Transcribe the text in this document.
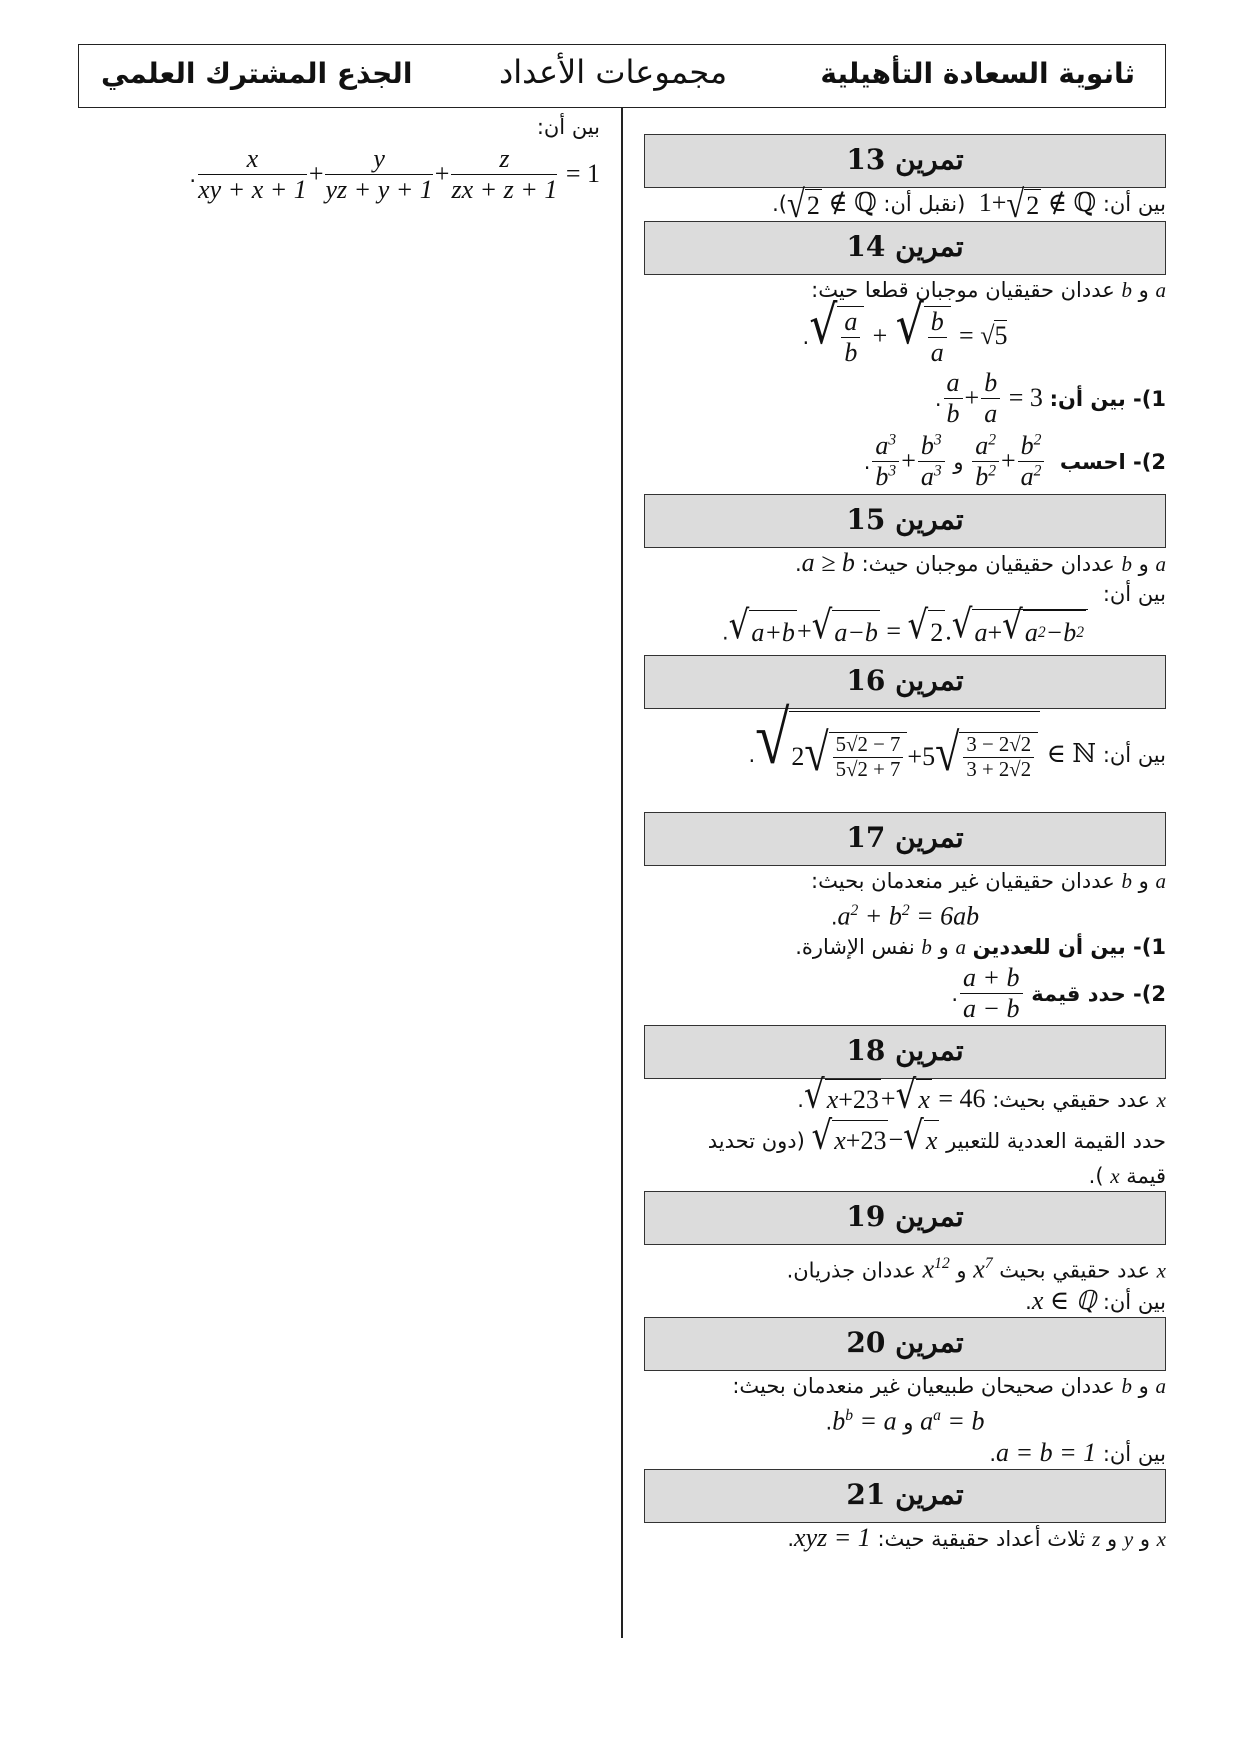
ثانوية السعادة التأهيلية
مجموعات الأعداد
الجذع المشترك العلمي
تمرين 13
بين أن: 1+ √ 2 ∉ ℚ  (نقبل أن:
√ 2 ∉ ℚ).
تمرين 14
a و b عددان حقيقيان موجبان قطعا حيث:
√ $\frac{a}{b}$ + √ $\frac{b}{a} = √5$.
1)- بين أن:
$\frac{a}{b} + \frac{b}{a} = 3$.
2)- احسب
$\frac{a^2}{b^2} + \frac{b^2}{a^2}$
و
$\frac{a^3}{b^3} + \frac{b^3}{a^3}$
.
تمرين 15
a و b عددان حقيقيان موجبان حيث: a ≥ b.
بين أن:
√ a+b + √ a−b = √ 2 . √ a + √ a 2 −b 2
.
تمرين 16
بين أن:
√ 2 √ $\frac{5√2 - 7}{5√2 + 7} +5$ √ $\frac{3 - 2√2}{3 + 2√2}$ ∈ ℕ.
تمرين 17
a و b عددان حقيقيان غير منعدمان بحيث:
$a^2 + b^2 = 6ab$.
1)- بين أن للعددين a و b نفس الإشارة.
2)- حدد قيمة
$\frac{a + b}{a - b}$
.
تمرين 18
x عدد حقيقي بحيث:
√ x +23 + √ x = 46.
حدد القيمة العددية للتعبير
√ x +23 − √ x
(دون تحديد
قيمة x ).
تمرين 19
x عدد حقيقي بحيث $x^7$ و $x^{12}$ عددان جذريان.
بين أن: x ∈ ℚ.
تمرين 20
a و b عددان صحيحان طبيعيان غير منعدمان بحيث:
$a^a = b$ و $b^b = a$.
بين أن: a = b = 1.
تمرين 21
x و y و z ثلاث أعداد حقيقية حيث: xyz = 1.
بين أن:
$\frac{x}{xy + x + 1} + \frac{y}{yz + y + 1} + \frac{z}{zx + z + 1} = 1$.
